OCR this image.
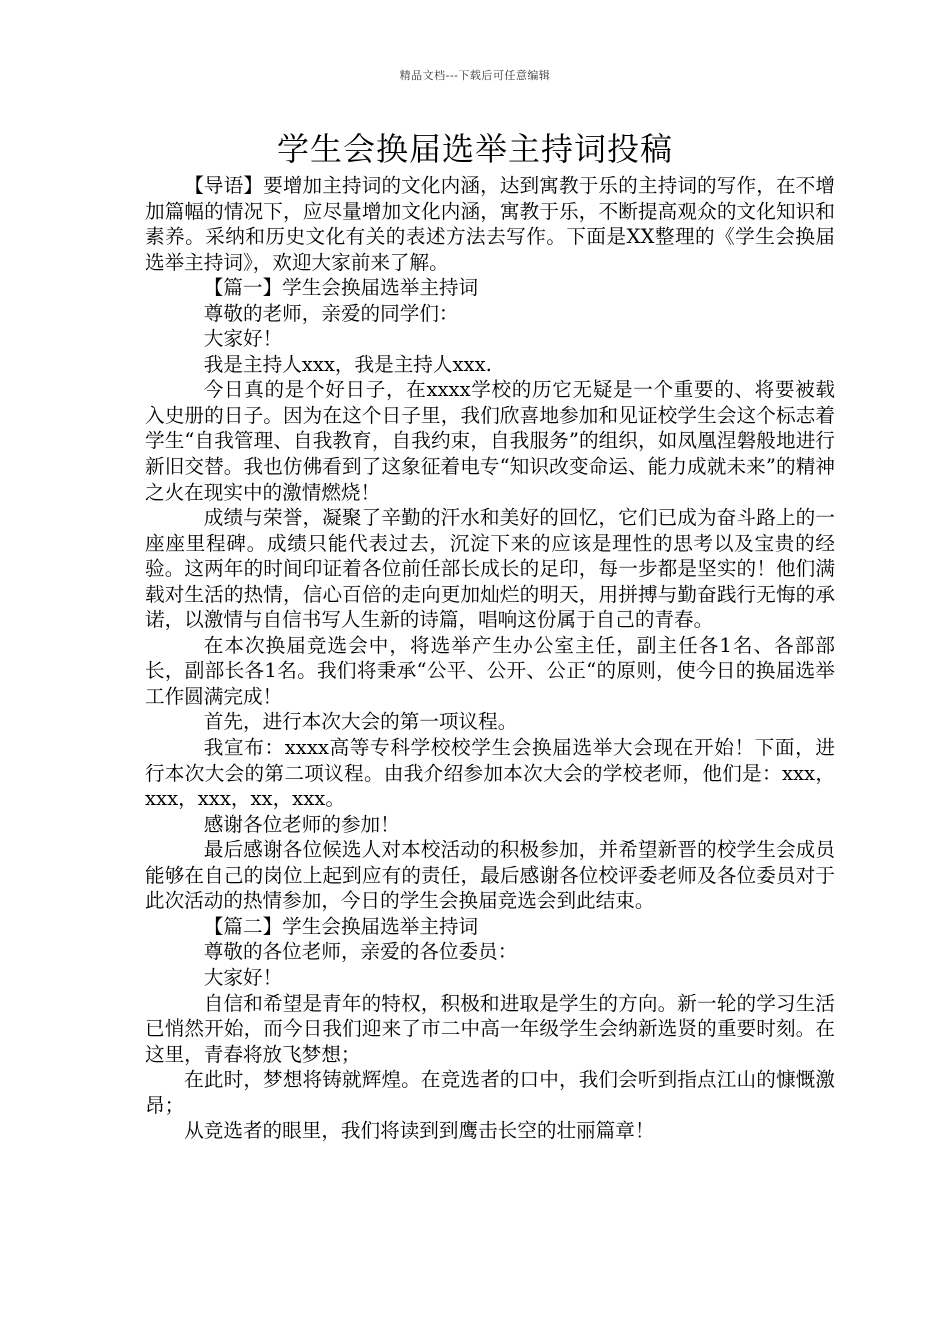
精品文档---下载后可任意编辑
学生会换届选举主持词投稿

【导语】要增加主持词的文化内涵，达到寓教于乐的主持词的写作，在不增加篇幅的情况下，应尽量增加文化内涵，寓教于乐，不断提高观众的文化知识和素养。采纳和历史文化有关的表述方法去写作。下面是XX整理的《学生会换届选举主持词》，欢迎大家前来了解。

【篇一】学生会换届选举主持词

尊敬的老师，亲爱的同学们：

大家好！

我是主持人xxx，我是主持人xxx.

今日真的是个好日子，在xxxx学校的历它无疑是一个重要的、将要被载入史册的日子。因为在这个日子里，我们欣喜地参加和见证校学生会这个标志着学生“自我管理、自我教育，自我约束，自我服务”的组织，如凤凰涅磐般地进行新旧交替。我也仿佛看到了这象征着电专“知识改变命运、能力成就未来”的精神之火在现实中的激情燃烧！

成绩与荣誉，凝聚了辛勤的汗水和美好的回忆，它们已成为奋斗路上的一座座里程碑。成绩只能代表过去，沉淀下来的应该是理性的思考以及宝贵的经验。这两年的时间印证着各位前任部长成长的足印，每一步都是坚实的！他们满载对生活的热情，信心百倍的走向更加灿烂的明天，用拼搏与勤奋践行无悔的承诺，以激情与自信书写人生新的诗篇，唱响这份属于自己的青春。

在本次换届竞选会中，将选举产生办公室主任，副主任各1名、各部部长，副部长各1名。我们将秉承“公平、公开、公正“的原则，使今日的换届选举工作圆满完成！

首先，进行本次大会的第一项议程。

我宣布：xxxx高等专科学校校学生会换届选举大会现在开始！下面，进行本次大会的第二项议程。由我介绍参加本次大会的学校老师，他们是：xxx，xxx，xxx，xx，xxx。

感谢各位老师的参加！

最后感谢各位候选人对本校活动的积极参加，并希望新晋的校学生会成员能够在自己的岗位上起到应有的责任，最后感谢各位校评委老师及各位委员对于此次活动的热情参加，今日的学生会换届竞选会到此结束。

【篇二】学生会换届选举主持词

尊敬的各位老师，亲爱的各位委员：

大家好！

自信和希望是青年的特权，积极和进取是学生的方向。新一轮的学习生活已悄然开始，而今日我们迎来了市二中高一年级学生会纳新选贤的重要时刻。在这里，青春将放飞梦想；

在此时，梦想将铸就辉煌。在竞选者的口中，我们会听到指点江山的慷慨激昂；

从竞选者的眼里，我们将读到到鹰击长空的壮丽篇章！
